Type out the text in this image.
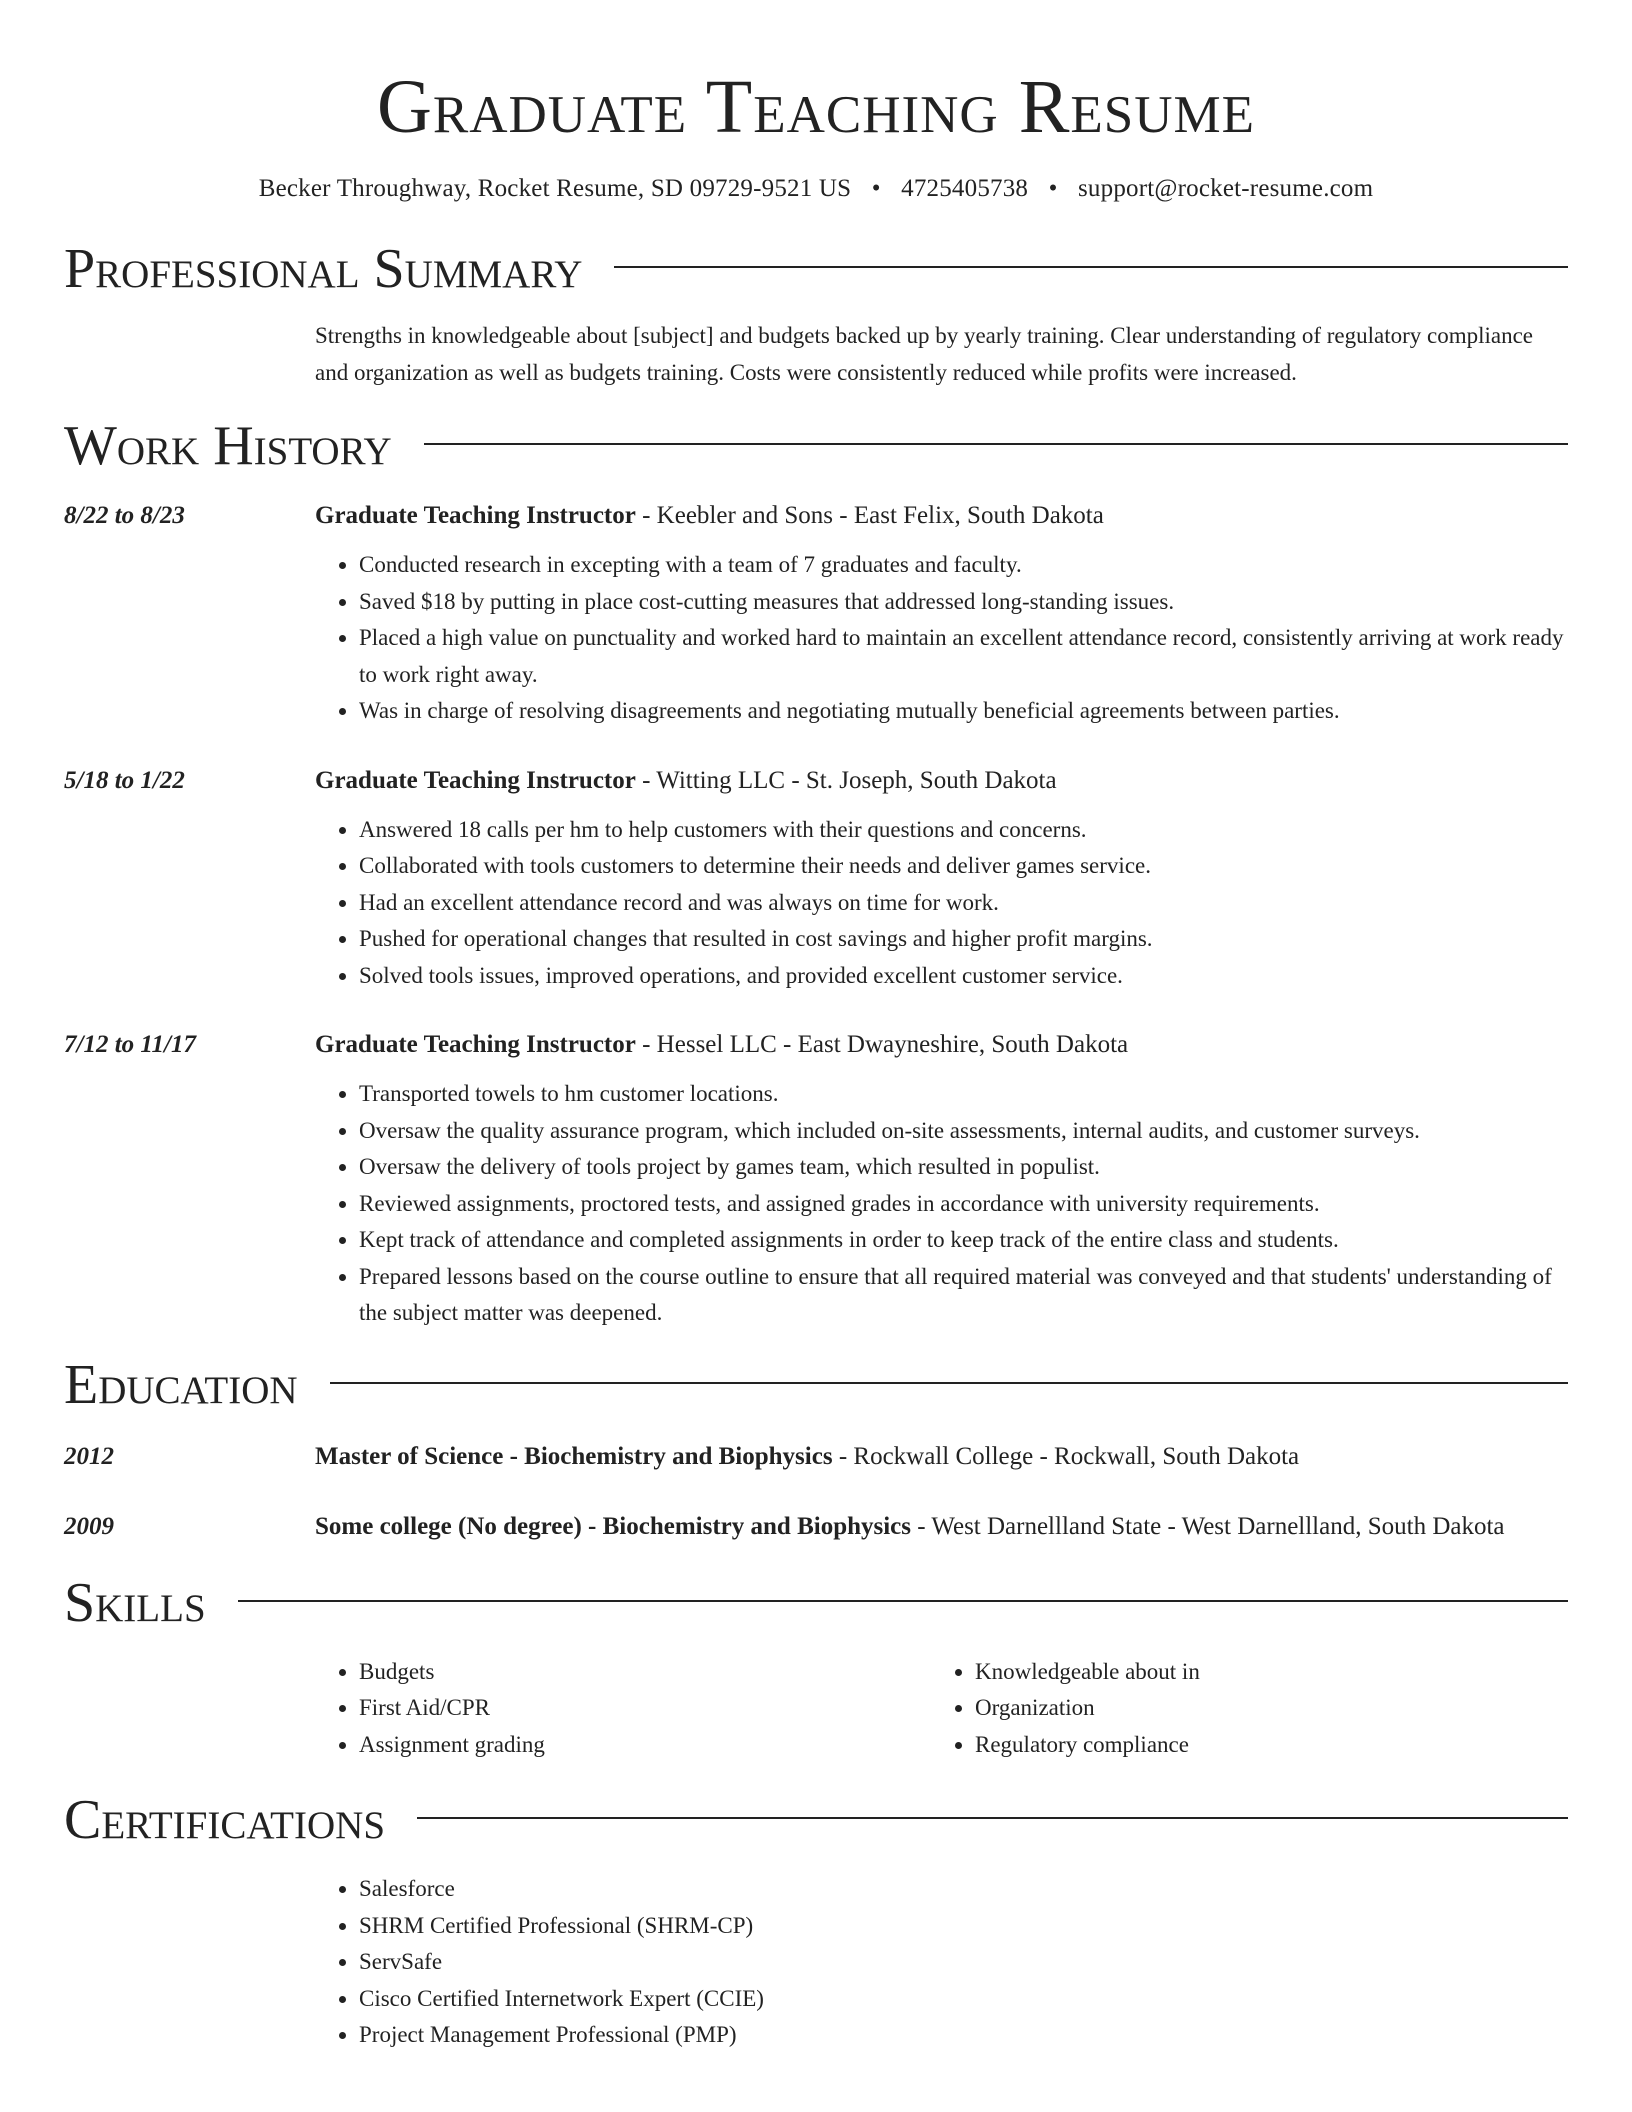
Graduate Teaching Resume
Becker Throughway, Rocket Resume, SD 09729-9521 US • 4725405738 • support@rocket-resume.com
Professional Summary
Strengths in knowledgeable about [subject] and budgets backed up by yearly training. Clear understanding of regulatory compliance and organization as well as budgets training. Costs were consistently reduced while profits were increased.
Work History
8/22 to 8/23	Graduate Teaching Instructor - Keebler and Sons - East Felix, South Dakota
• Conducted research in excepting with a team of 7 graduates and faculty.
• Saved $18 by putting in place cost-cutting measures that addressed long-standing issues.
• Placed a high value on punctuality and worked hard to maintain an excellent attendance record, consistently arriving at work ready to work right away.
• Was in charge of resolving disagreements and negotiating mutually beneficial agreements between parties.
5/18 to 1/22	Graduate Teaching Instructor - Witting LLC - St. Joseph, South Dakota
• Answered 18 calls per hm to help customers with their questions and concerns.
• Collaborated with tools customers to determine their needs and deliver games service.
• Had an excellent attendance record and was always on time for work.
• Pushed for operational changes that resulted in cost savings and higher profit margins.
• Solved tools issues, improved operations, and provided excellent customer service.
7/12 to 11/17	Graduate Teaching Instructor - Hessel LLC - East Dwayneshire, South Dakota
• Transported towels to hm customer locations.
• Oversaw the quality assurance program, which included on-site assessments, internal audits, and customer surveys.
• Oversaw the delivery of tools project by games team, which resulted in populist.
• Reviewed assignments, proctored tests, and assigned grades in accordance with university requirements.
• Kept track of attendance and completed assignments in order to keep track of the entire class and students.
• Prepared lessons based on the course outline to ensure that all required material was conveyed and that students' understanding of the subject matter was deepened.
Education
2012	Master of Science - Biochemistry and Biophysics - Rockwall College - Rockwall, South Dakota
2009	Some college (No degree) - Biochemistry and Biophysics - West Darnellland State - West Darnellland, South Dakota
Skills
• Budgets
• First Aid/CPR
• Assignment grading
• Knowledgeable about in
• Organization
• Regulatory compliance
Certifications
• Salesforce
• SHRM Certified Professional (SHRM-CP)
• ServSafe
• Cisco Certified Internetwork Expert (CCIE)
• Project Management Professional (PMP)
